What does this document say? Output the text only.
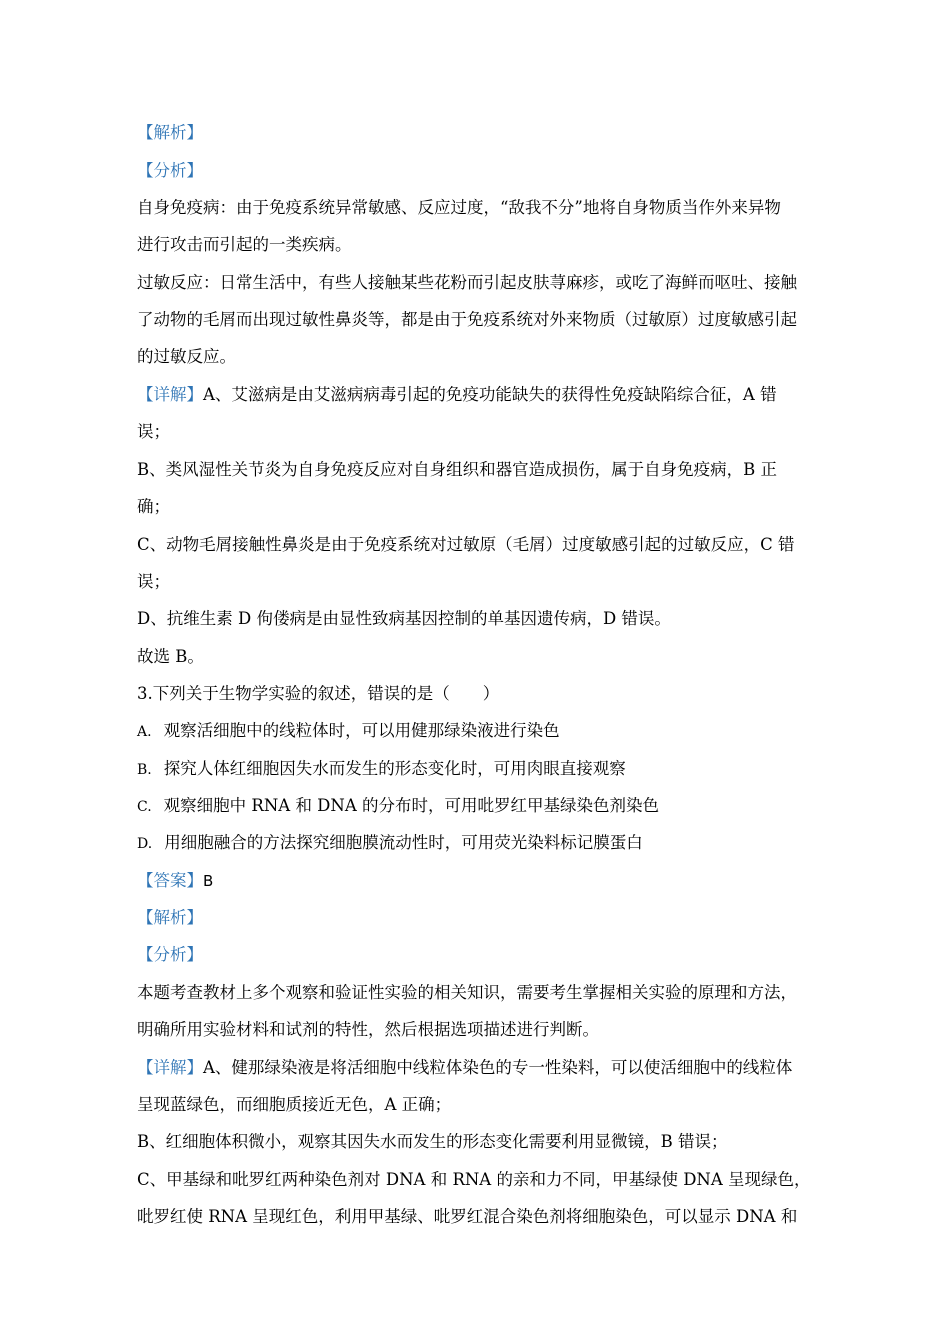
【解析】
【分析】
自身免疫病：由于免疫系统异常敏感、反应过度，“敌我不分”地将自身物质当作外来异物
进行攻击而引起的一类疾病。
过敏反应：日常生活中，有些人接触某些花粉而引起皮肤荨麻疹，或吃了海鲜而呕吐、接触
了动物的毛屑而出现过敏性鼻炎等，都是由于免疫系统对外来物质（过敏原）过度敏感引起
的过敏反应。
【详解】A、艾滋病是由艾滋病病毒引起的免疫功能缺失的获得性免疫缺陷综合征，A 错
误；
B、类风湿性关节炎为自身免疫反应对自身组织和器官造成损伤，属于自身免疫病，B 正
确；
C、动物毛屑接触性鼻炎是由于免疫系统对过敏原（毛屑）过度敏感引起的过敏反应，C 错
误；
D、抗维生素 D 佝偻病是由显性致病基因控制的单基因遗传病，D 错误。
故选 B。
3.下列关于生物学实验的叙述，错误的是（　　）
A. 观察活细胞中的线粒体时，可以用健那绿染液进行染色
B. 探究人体红细胞因失水而发生的形态变化时，可用肉眼直接观察
C. 观察细胞中 RNA 和 DNA 的分布时，可用吡罗红甲基绿染色剂染色
D. 用细胞融合的方法探究细胞膜流动性时，可用荧光染料标记膜蛋白
【答案】B
【解析】
【分析】
本题考查教材上多个观察和验证性实验的相关知识，需要考生掌握相关实验的原理和方法，
明确所用实验材料和试剂的特性，然后根据选项描述进行判断。
【详解】A、健那绿染液是将活细胞中线粒体染色的专一性染料，可以使活细胞中的线粒体
呈现蓝绿色，而细胞质接近无色，A 正确；
B、红细胞体积微小，观察其因失水而发生的形态变化需要利用显微镜，B 错误；
C、甲基绿和吡罗红两种染色剂对 DNA 和 RNA 的亲和力不同，甲基绿使 DNA 呈现绿色，
吡罗红使 RNA 呈现红色，利用甲基绿、吡罗红混合染色剂将细胞染色，可以显示 DNA 和
